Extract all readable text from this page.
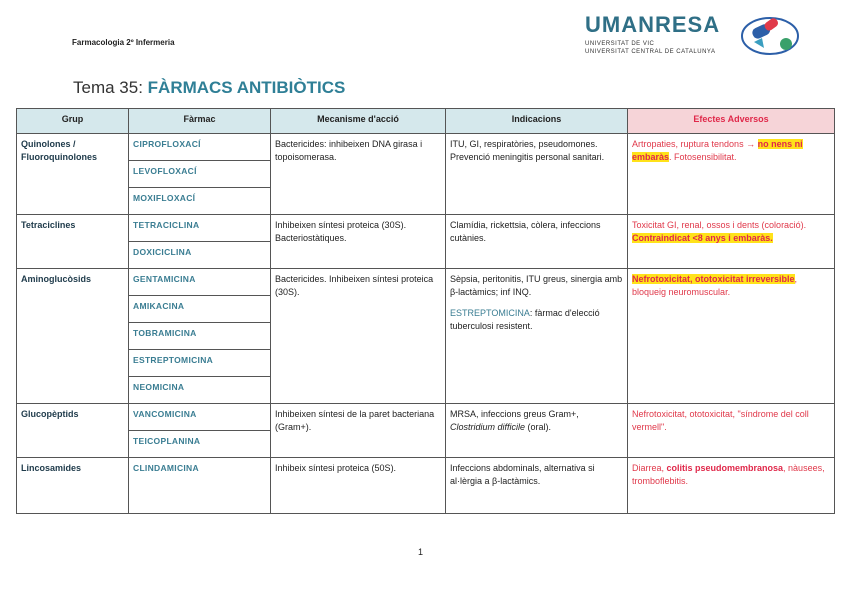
Farmacologia 2º Infermeria
UMANRESA
UNIVERSITAT DE VIC
UNIVERSITAT CENTRAL DE CATALUNYA
Tema 35: FÀRMACS ANTIBIÒTICS
Grup	Fàrmac	Mecanisme d'acció	Indicacions	Efectes Adversos
Quinolones / Fluoroquinolones	CIPROFLOXACÍ	Bactericides: inhibeixen DNA girasa i topoisomerasa.	ITU, GI, respiratòries, pseudomones. Prevenció meningitis personal sanitari.	Artropaties, ruptura tendons → no nens ni embaràs. Fotosensibilitat.
	LEVOFLOXACÍ			
	MOXIFLOXACÍ			
Tetraciclines	TETRACICLINA	Inhibeixen síntesi proteica (30S). Bacteriostàtiques.	Clamídia, rickettsia, còlera, infeccions cutànies.	Toxicitat GI, renal, ossos i dents (coloració). Contraindicat <8 anys i embaràs.
	DOXICICLINA			
Aminoglucòsids	GENTAMICINA	Bactericides. Inhibeixen síntesi proteica (30S).	Sèpsia, peritonitis, ITU greus, sinergia amb β-lactàmics; inf INQ.

ESTREPTOMICINA: fàrmac d'elecció tuberculosi resistent.	Nefrotoxicitat, ototoxicitat irreversible, bloqueig neuromuscular.
	AMIKACINA			
	TOBRAMICINA			
	ESTREPTOMICINA			
	NEOMICINA			
Glucopèptids	VANCOMICINA	Inhibeixen síntesi de la paret bacteriana (Gram+).	MRSA, infeccions greus Gram+, Clostridium difficile (oral).	Nefrotoxicitat, ototoxicitat, "síndrome del coll vermell".
	TEICOPLANINA			
Lincosamides	CLINDAMICINA	Inhibeix síntesi proteica (50S).	Infeccions abdominals, alternativa si al·lèrgia a β-lactàmics.	Diarrea, colitis pseudomembranosa, nàusees, tromboflebitis.
1
